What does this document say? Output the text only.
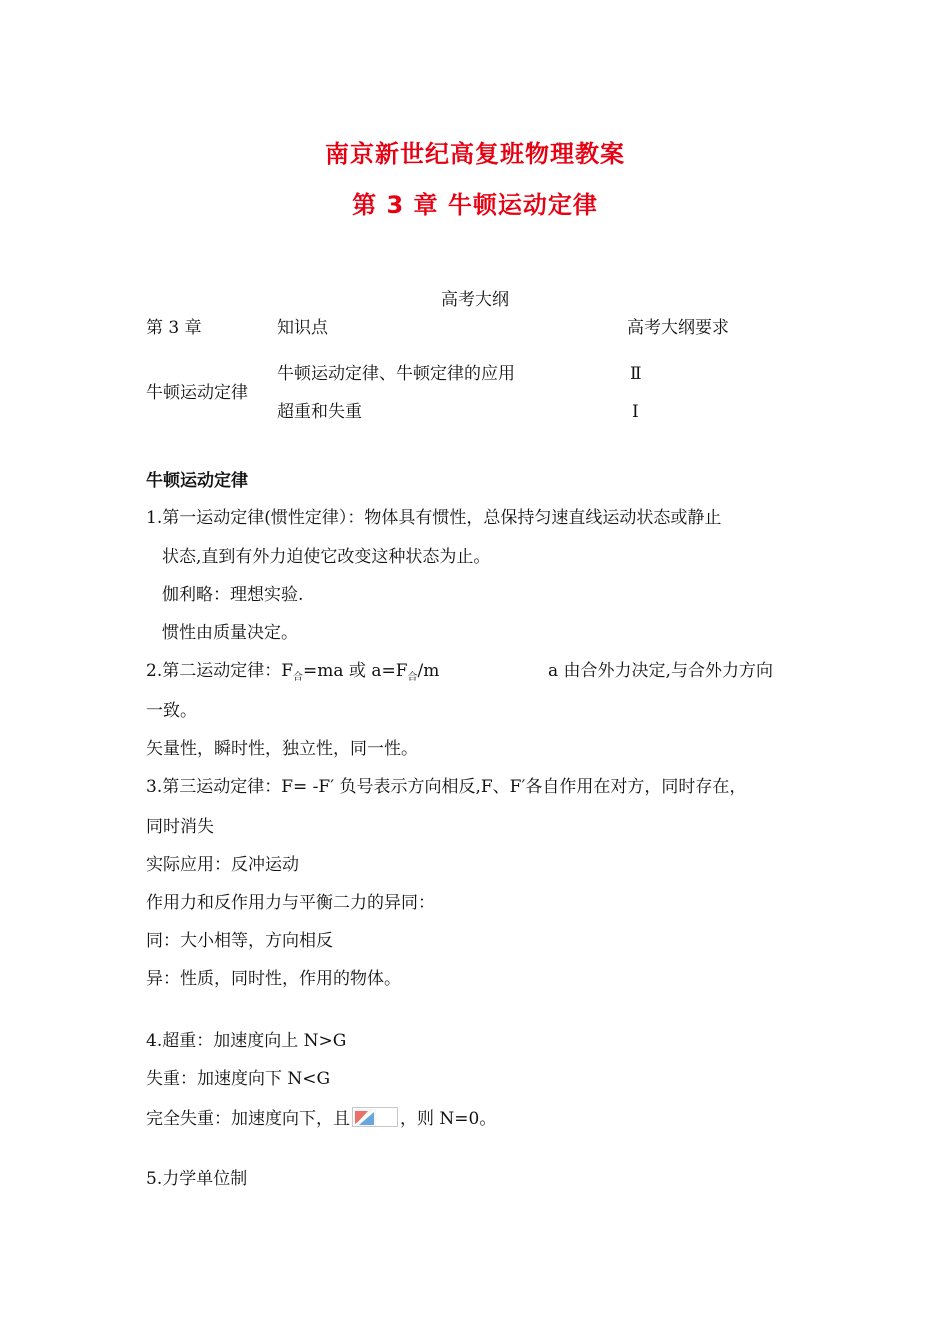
南京新世纪高复班物理教案
第 3 章 牛顿运动定律
高考大纲
第 3 章	知识点	高考大纲要求
牛顿运动定律
牛顿运动定律、牛顿定律的应用	Ⅱ
超重和失重	Ⅰ
牛顿运动定律
1.第一运动定律(惯性定律）：物体具有惯性，总保持匀速直线运动状态或静止
状态,直到有外力迫使它改变这种状态为止。
伽利略：理想实验.
惯性由质量决定。
2.第二运动定律：$F_合=ma$ 或 $a=F_合/m$	a 由合外力决定,与合外力方向
一致。
矢量性，瞬时性，独立性，同一性。
3.第三运动定律：F= -F′ 负号表示方向相反,F、F′各自作用在对方，同时存在，
同时消失
实际应用：反冲运动
作用力和反作用力与平衡二力的异同：
同：大小相等，方向相反
异：性质，同时性，作用的物体。
4.超重：加速度向上 N>G
失重：加速度向下 N<G
完全失重：加速度向下，且	，则 N=0。
5.力学单位制
